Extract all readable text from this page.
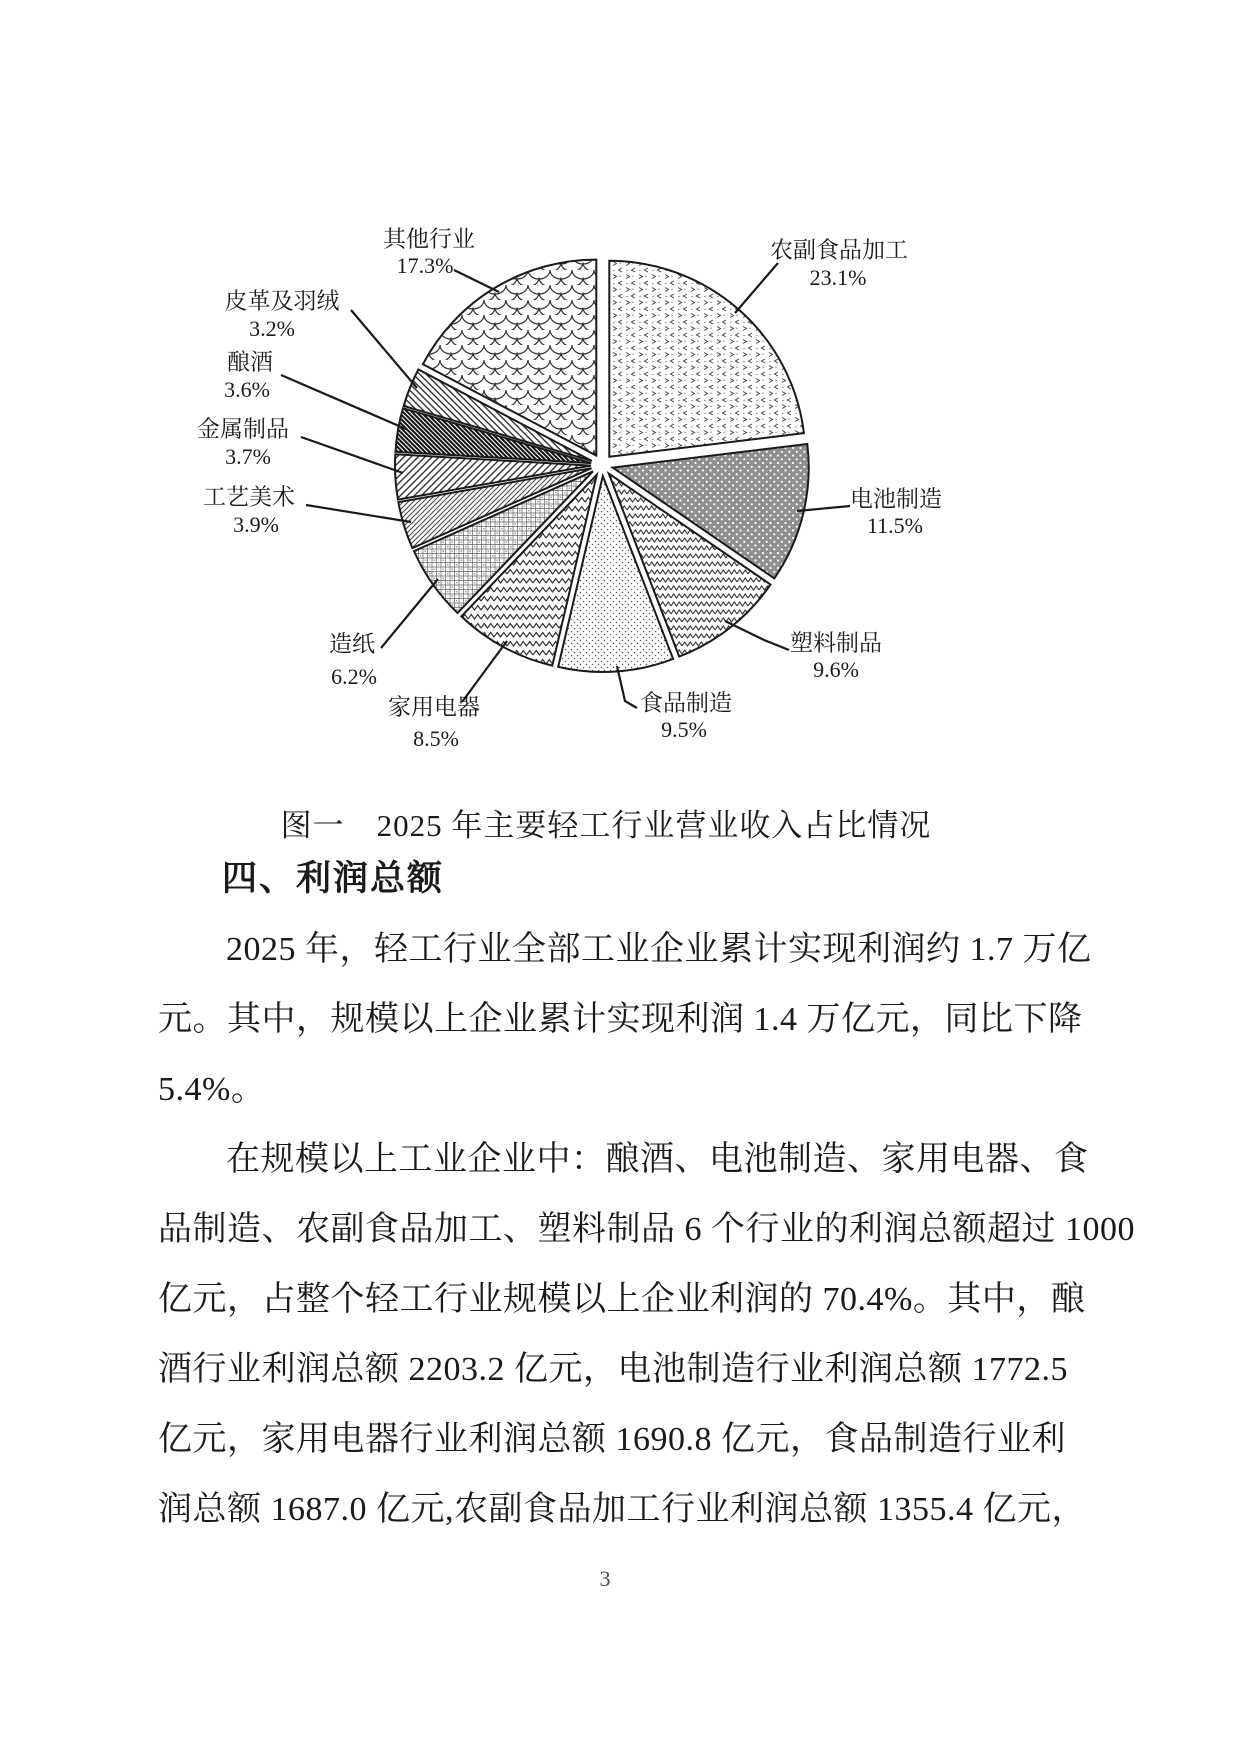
农副食品加工
23.1%
电池制造
11.5%
塑料制品
9.6%
食品制造
9.5%
家用电器
8.5%
造纸
6.2%
工艺美术
3.9%
金属制品
3.7%
酿酒
3.6%
皮革及羽绒
3.2%
其他行业
17.3%
图一　2025 年主要轻工行业营业收入占比情况
四、利润总额
2025 年，轻工行业全部工业企业累计实现利润约 1.7 万亿
元。其中，规模以上企业累计实现利润 1.4 万亿元，同比下降
5.4%。
在规模以上工业企业中：酿酒、电池制造、家用电器、食
品制造、农副食品加工、塑料制品 6 个行业的利润总额超过 1000
亿元，占整个轻工行业规模以上企业利润的 70.4%。其中，酿
酒行业利润总额 2203.2 亿元，电池制造行业利润总额 1772.5
亿元，家用电器行业利润总额 1690.8 亿元，食品制造行业利
润总额 1687.0 亿元,农副食品加工行业利润总额 1355.4 亿元，
3
